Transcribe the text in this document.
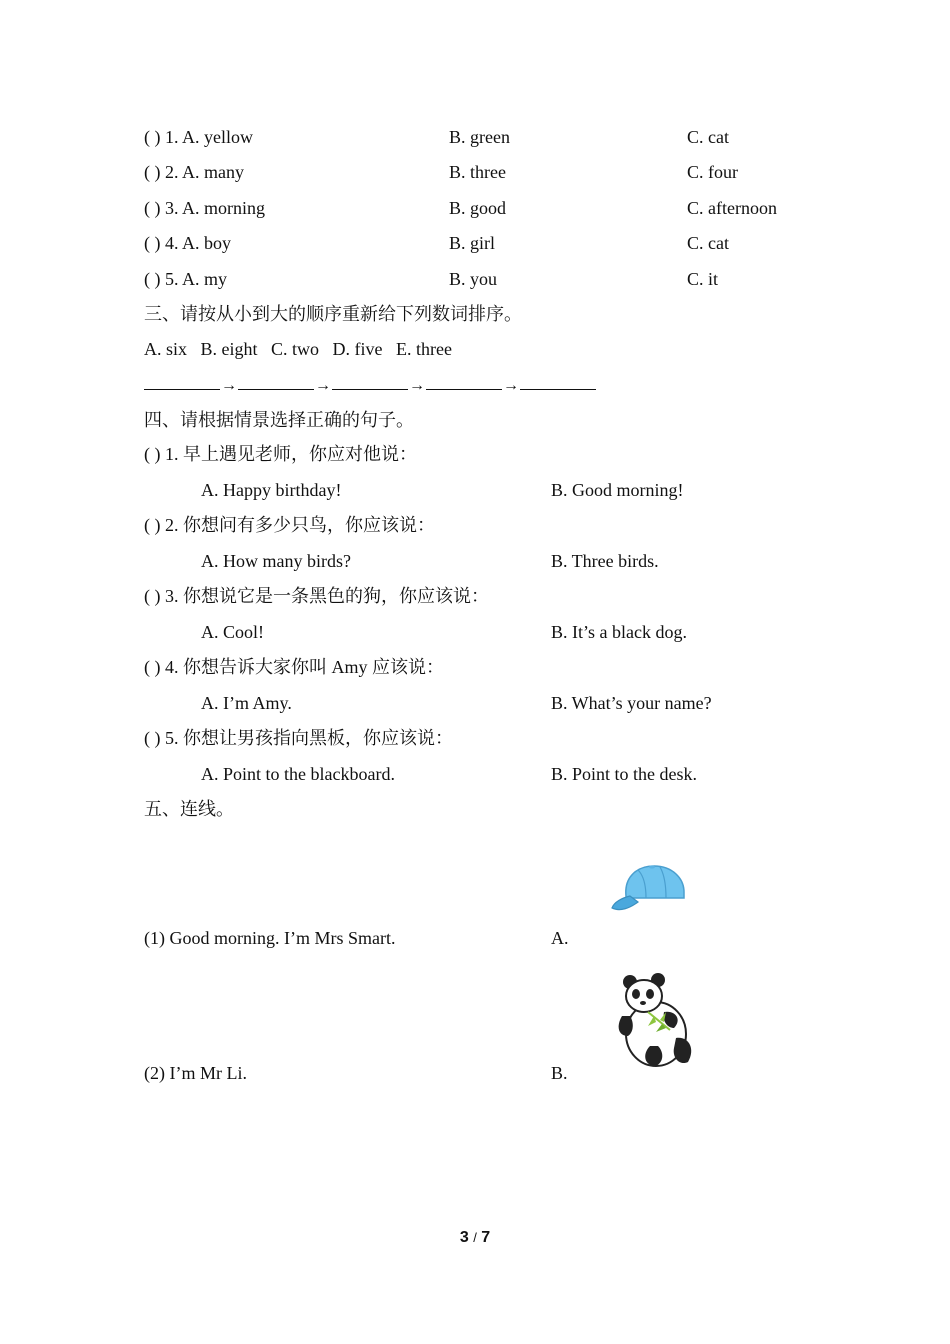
( ) 1. A. yellow	B. green	C. cat
( ) 2. A. many	B. three	C. four
( ) 3. A. morning	B. good	C. afternoon
( ) 4. A. boy	B. girl	C. cat
( ) 5. A. my	B. you	C. it
三、请按从小到大的顺序重新给下列数词排序。
A. six   B. eight   C. two   D. five   E. three
→	→	→	→
四、请根据情景选择正确的句子。
( ) 1. 早上遇见老师，你应对他说：
A. Happy birthday!	B. Good morning!
( ) 2. 你想问有多少只鸟，你应该说：
A. How many birds?	B. Three birds.
( ) 3. 你想说它是一条黑色的狗，你应该说：
A. Cool!	B. It’s a black dog.
( ) 4. 你想告诉大家你叫 Amy 应该说：
A. I’m Amy.	B. What’s your name?
( ) 5. 你想让男孩指向黑板，你应该说：
A. Point to the blackboard.	B. Point to the desk.
五、连线。
(1) Good morning. I’m Mrs Smart.	A.
(2) I’m Mr Li.	B.
3 / 7
